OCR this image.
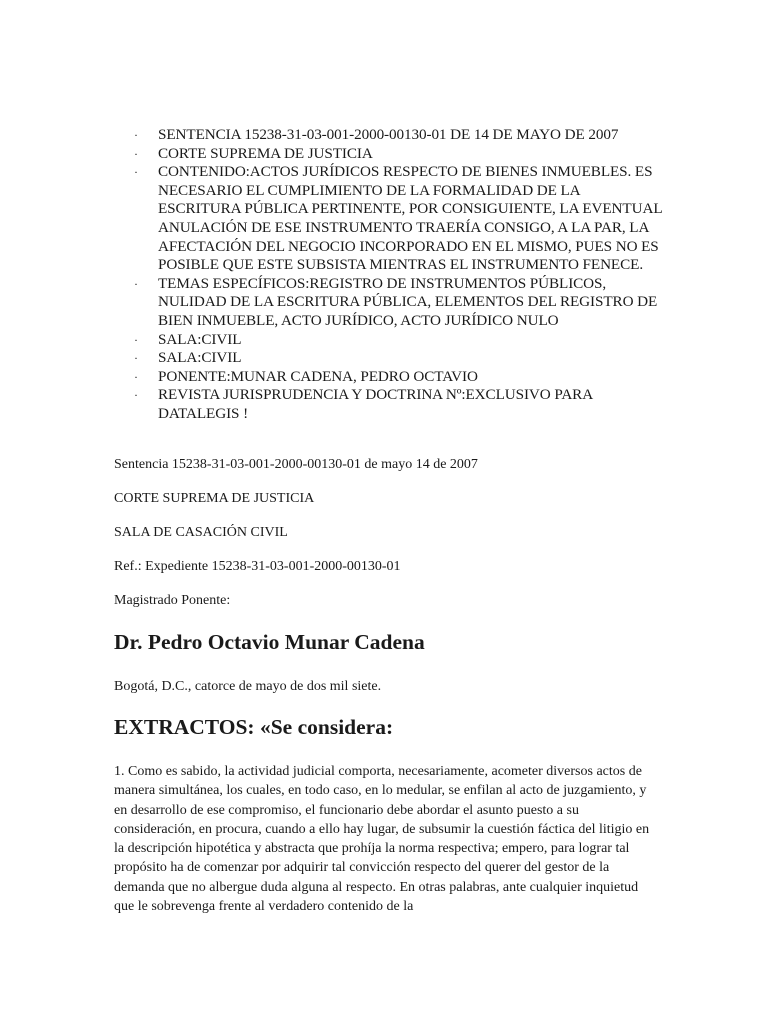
· SENTENCIA 15238-31-03-001-2000-00130-01 DE 14 DE MAYO DE 2007
· CORTE SUPREMA DE JUSTICIA
· CONTENIDO:ACTOS JURÍDICOS RESPECTO DE BIENES INMUEBLES. ES NECESARIO EL CUMPLIMIENTO DE LA FORMALIDAD DE LA ESCRITURA PÚBLICA PERTINENTE, POR CONSIGUIENTE, LA EVENTUAL ANULACIÓN DE ESE INSTRUMENTO TRAERÍA CONSIGO, A LA PAR, LA AFECTACIÓN DEL NEGOCIO INCORPORADO EN EL MISMO, PUES NO ES POSIBLE QUE ESTE SUBSISTA MIENTRAS EL INSTRUMENTO FENECE.
· TEMAS ESPECÍFICOS:REGISTRO DE INSTRUMENTOS PÚBLICOS, NULIDAD DE LA ESCRITURA PÚBLICA, ELEMENTOS DEL REGISTRO DE BIEN INMUEBLE, ACTO JURÍDICO, ACTO JURÍDICO NULO
· SALA:CIVIL
· SALA:CIVIL
· PONENTE:MUNAR CADENA, PEDRO OCTAVIO
· REVISTA JURISPRUDENCIA Y DOCTRINA Nº:EXCLUSIVO PARA DATALEGIS !

Sentencia 15238-31-03-001-2000-00130-01 de mayo 14 de 2007

CORTE SUPREMA DE JUSTICIA

SALA DE CASACIÓN CIVIL

Ref.: Expediente 15238-31-03-001-2000-00130-01

Magistrado Ponente:

Dr. Pedro Octavio Munar Cadena

Bogotá, D.C., catorce de mayo de dos mil siete.

EXTRACTOS: «Se considera:

1. Como es sabido, la actividad judicial comporta, necesariamente, acometer diversos actos de manera simultánea, los cuales, en todo caso, en lo medular, se enfilan al acto de juzgamiento, y en desarrollo de ese compromiso, el funcionario debe abordar el asunto puesto a su consideración, en procura, cuando a ello hay lugar, de subsumir la cuestión fáctica del litigio en la descripción hipotética y abstracta que prohíja la norma respectiva; empero, para lograr tal propósito ha de comenzar por adquirir tal convicción respecto del querer del gestor de la demanda que no albergue duda alguna al respecto. En otras palabras, ante cualquier inquietud que le sobrevenga frente al verdadero contenido de la
